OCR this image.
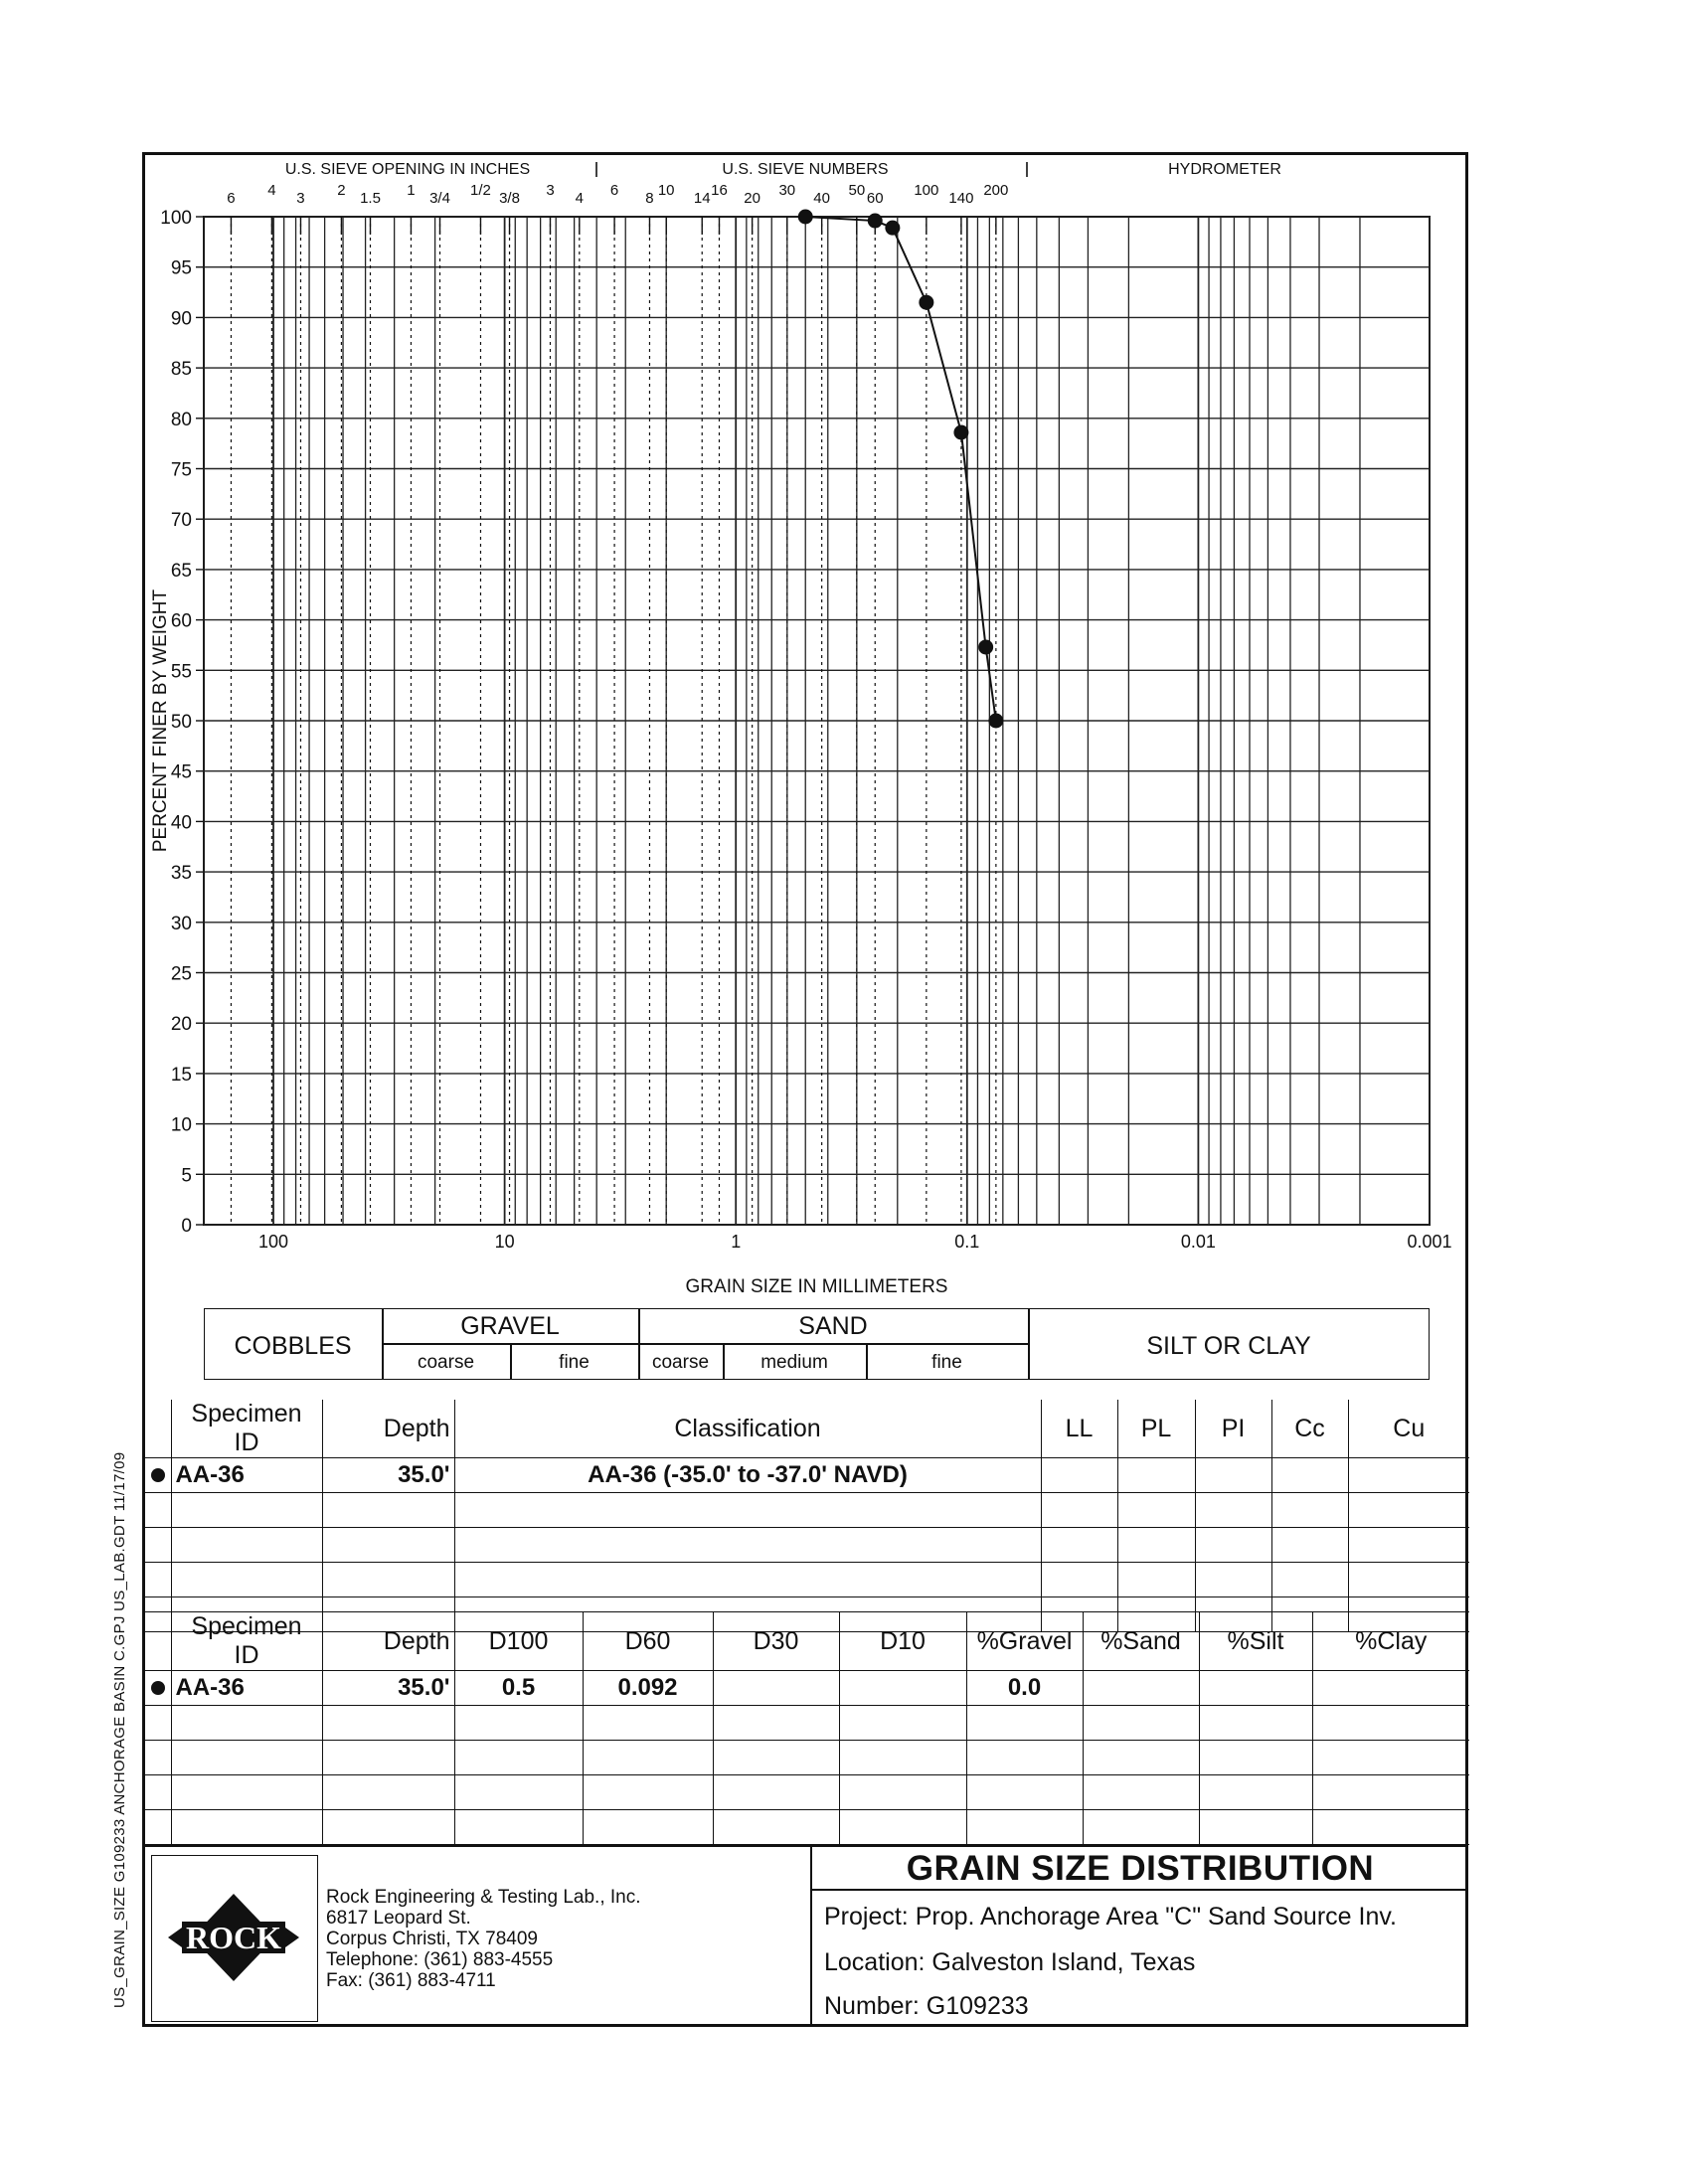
US_GRAIN_SIZE G109233 ANCHORAGE BASIN C.GPJ US_LAB.GDT 11/17/09
0
5
10
15
20
25
30
35
40
45
50
55
60
65
70
75
80
85
90
95
100
100	10	1	0.1	0.01	0.001
6 4 3 2 1.5 1 3/4 1/2 3/8 3 4 6 8 10 14 16 20 30 40 50 60 100 140 200
U.S. SIEVE OPENING IN INCHES	U.S. SIEVE NUMBERS	HYDROMETER
GRAIN SIZE IN MILLIMETERS
PERCENT FINER BY WEIGHT
COBBLES
GRAVEL
coarse	fine
SAND
coarse	medium	fine
SILT OR CLAY
	Specimen ID	Depth	Classification	LL	PL	PI	Cc	Cu
	AA-36	35.0'	AA-36 (-35.0' to -37.0' NAVD)					

	Specimen ID	Depth	D100	D60	D30	D10	%Gravel	%Sand	%Silt	%Clay
	AA-36	35.0'	0.5	0.092			0.0			

ROCK
Rock Engineering & Testing Lab., Inc.
6817 Leopard St.
Corpus Christi, TX 78409
Telephone: (361) 883-4555
Fax: (361) 883-4711
GRAIN SIZE DISTRIBUTION
Project: Prop. Anchorage Area "C" Sand Source Inv.
Location: Galveston Island, Texas
Number: G109233
